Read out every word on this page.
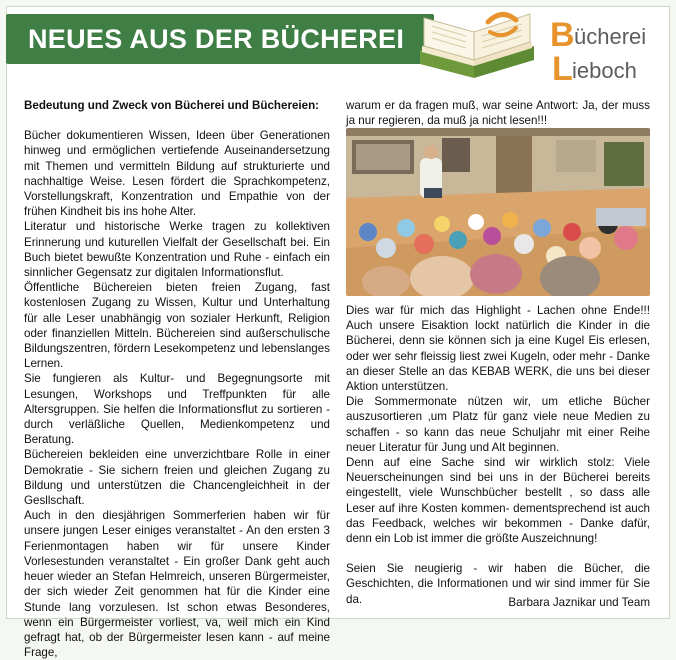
NEUES AUS DER BÜCHEREI	B ücherei
L ieboch

Bedeutung und Zweck von Bücherei und Büchereien:

Bücher dokumentieren Wissen, Ideen über Generationen hinweg und ermöglichen vertiefende Auseinandersetzung mit Themen und vermitteln Bildung auf strukturierte und nachhaltige Weise. Lesen fördert die Sprachkompetenz, Vorstellungskraft, Konzentration und Empathie von der frühen Kindheit bis ins hohe Alter.

Literatur und historische Werke tragen zu kollektiven Erinnerung und kuturellen Vielfalt der Gesellschaft bei. Ein Buch bietet bewußte Konzentration und Ruhe - einfach ein sinnlicher Gegensatz zur digitalen Informationsflut.

Öffentliche Büchereien bieten freien Zugang, fast kostenlosen Zugang zu Wissen, Kultur und Unterhaltung für alle Leser unabhängig von sozialer Herkunft, Religion oder finanziellen Mitteln. Büchereien sind außerschulische Bildungszentren, fördern Lesekompetenz und lebenslanges Lernen.

Sie fungieren als Kultur- und Begegnungsorte mit Lesungen, Workshops und Treffpunkten für alle Altersgruppen. Sie helfen die Informationsflut zu sortieren - durch verläßliche Quellen, Medienkompetenz und Beratung.

Büchereien bekleiden eine unverzichtbare Rolle in einer Demokratie - Sie sichern freien und gleichen Zugang zu Bildung und unterstützen die Chancengleichheit in der Gesllschaft.

Auch in den diesjährigen Sommerferien haben wir für unsere jungen Leser einiges veranstaltet - An den ersten 3 Ferienmontagen haben wir für unsere Kinder Vorlesestunden veranstaltet - Ein großer Dank geht auch heuer wieder an Stefan Helmreich, unseren Bürgermeister, der sich wieder Zeit genommen hat für die Kinder eine Stunde lang vorzulesen. Ist schon etwas Besonderes, wenn ein Bürgermeister vorliest, va, weil mich ein Kind gefragt hat, ob der Bürgermeister lesen kann - auf meine Frage,

warum er da fragen muß, war seine Antwort: Ja, der muss ja nur regieren, da muß ja nicht lesen!!!

Dies war für mich das Highlight - Lachen ohne Ende!!! Auch unsere Eisaktion lockt natürlich die Kinder in die Bücherei, denn sie können sich ja eine Kugel Eis erlesen, oder wer sehr fleissig liest zwei Kugeln, oder mehr - Danke an dieser Stelle an das KEBAB WERK, die uns bei dieser Aktion unterstützen.

Die Sommermonate nützen wir, um etliche Bücher auszusortieren ,um Platz für ganz viele neue Medien zu schaffen - so kann das neue Schuljahr mit einer Reihe neuer Literatur für Jung und Alt beginnen.

Denn auf eine Sache sind wir wirklich stolz: Viele Neuerscheinungen sind bei uns in der Bücherei bereits eingestellt, viele Wunschbücher bestellt , so dass alle Leser auf ihre Kosten kommen- dementsprechend ist auch das Feedback, welches wir bekommen - Danke dafür, denn ein Lob ist immer die größte Auszeichnung!

Seien Sie neugierig - wir haben die Bücher, die Geschichten, die Informationen und wir sind immer für Sie da.	Barbara Jaznikar und Team
